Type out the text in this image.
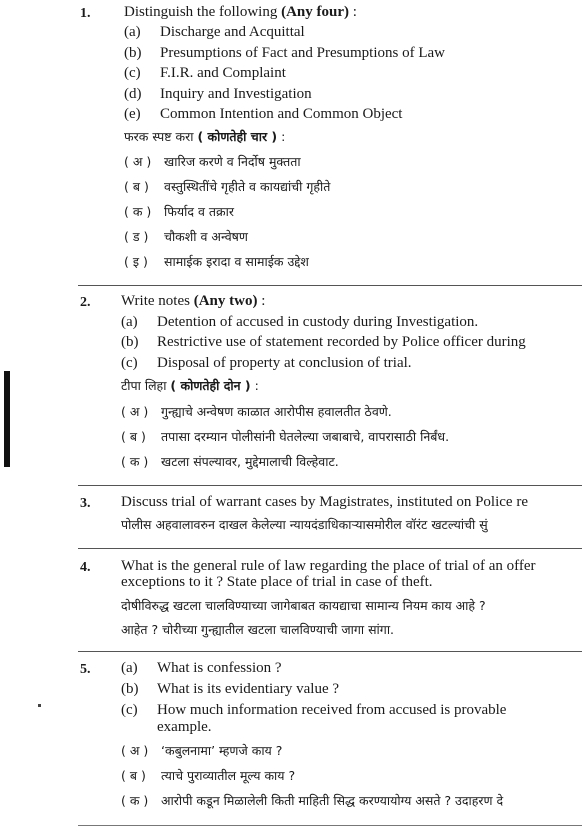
1. Distinguish the following (Any four) :
(a) Discharge and Acquittal
(b) Presumptions of Fact and Presumptions of Law
(c) F.I.R. and Complaint
(d) Inquiry and Investigation
(e) Common Intention and Common Object
फरक स्पष्ट करा ( कोणतेही चार ) :
( अ ) खारिज करणे व निर्दोष मुक्तता
( ब ) वस्तुस्थितींचे गृहीते व कायद्यांची गृहीते
( क ) फिर्याद व तक्रार
( ड ) चौकशी व अन्वेषण
( इ ) सामाईक इरादा व सामाईक उद्देश
2. Write notes (Any two) :
(a) Detention of accused in custody during Investigation.
(b) Restrictive use of statement recorded by Police officer during
(c) Disposal of property at conclusion of trial.
टीपा लिहा ( कोणतेही दोन ) :
( अ ) गुन्ह्याचे अन्वेषण काळात आरोपीस हवालतीत ठेवणे.
( ब ) तपासा दरम्यान पोलीसांनी घेतलेल्या जबाबाचे, वापरासाठी निर्बंध.
( क ) खटला संपल्यावर, मुद्देमालाची विल्हेवाट.
3. Discuss trial of warrant cases by Magistrates, instituted on Police re
पोलीस अहवालावरुन दाखल केलेल्या न्यायदंडाधिकाऱ्यासमोरील वॉरंट खटल्यांची सुं
4. What is the general rule of law regarding the place of trial of an offer
exceptions to it ? State place of trial in case of theft.
दोषीविरुद्ध खटला चालविण्याच्या जागेबाबत कायद्याचा सामान्य नियम काय आहे ?
आहेत ? चोरीच्या गुन्ह्यातील खटला चालविण्याची जागा सांगा.
5. (a) What is confession ?
(b) What is its evidentiary value ?
(c) How much information received from accused is provable
example.
( अ ) ‘कबुलनामा’ म्हणजे काय ?
( ब ) त्याचे पुराव्यातील मूल्य काय ?
( क ) आरोपी कडून मिळालेली किती माहिती सिद्ध करण्यायोग्य असते ? उदाहरण दे
